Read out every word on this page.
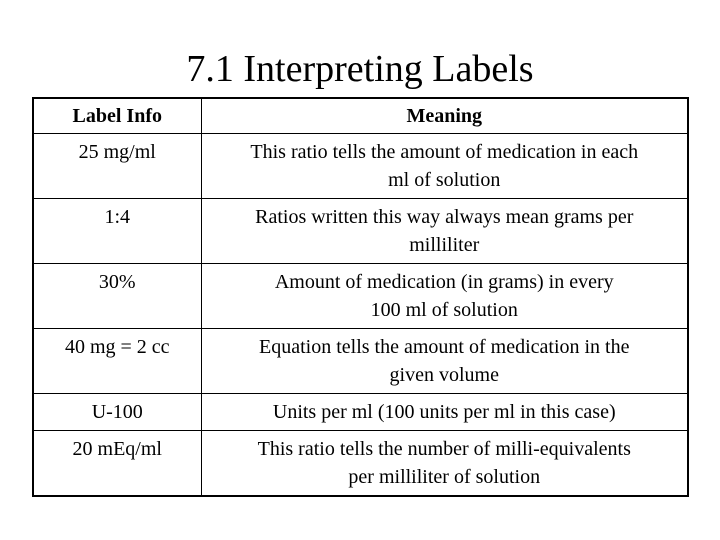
7.1 Interpreting Labels
Label Info	Meaning
25 mg/ml	This ratio tells the amount of medication in each
ml of solution

1:4	Ratios written this way always mean grams per
milliliter

30%	Amount of medication (in grams) in every
100 ml of solution

40 mg = 2 cc	Equation tells the amount of medication in the
given volume

U-100	Units per ml (100 units per ml in this case)

20 mEq/ml	This ratio tells the number of milli-equivalents
per milliliter of solution
